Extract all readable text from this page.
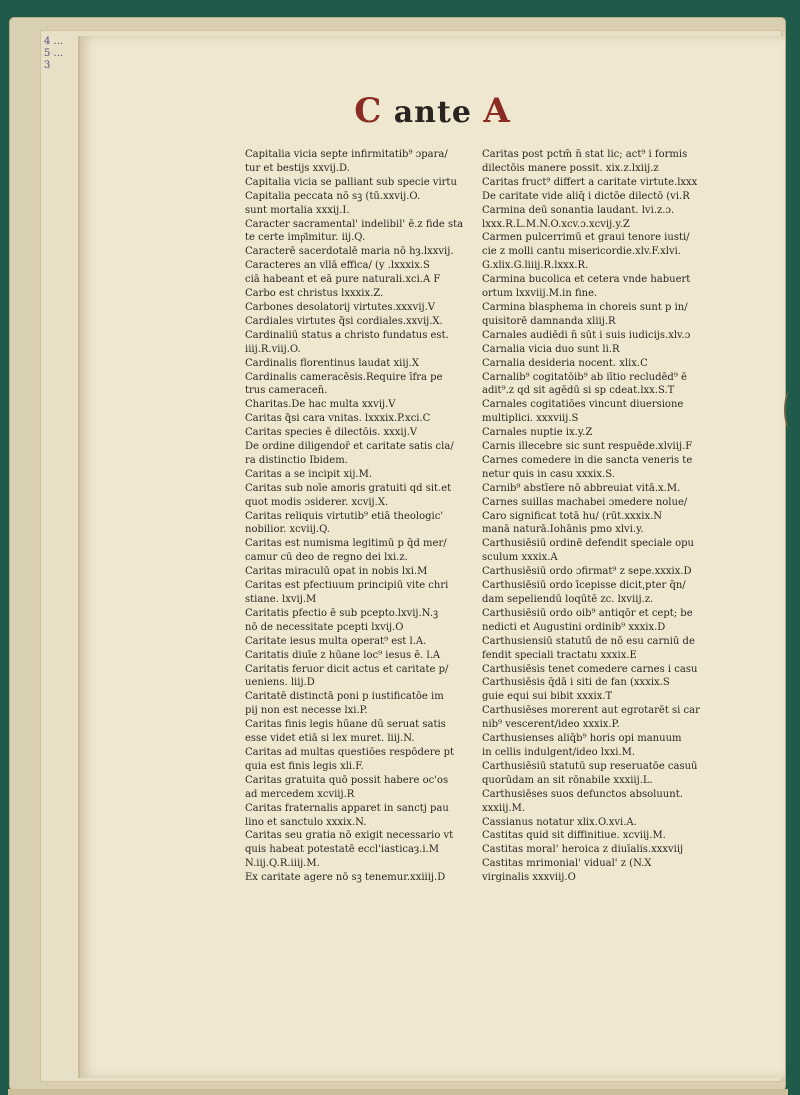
4 ... 5 ... 3
C ante A
Capitalia vicia septe infirmitatib⁹ ɔpara/
tur et bestijs xxvij.D.
Capitalia vicia se palliant sub specie virtu
Capitalia peccata nō sꝫ (tū.xxvij.O.
sunt mortalia xxxij.I.
Caracter sacramental' indelibil' ē.z fide sta
te certe imp͂imitur. iij.Q.
Caracterē sacerdotalē maria nō hȝ.lxxvij.
Caracteres an vllā effica/ (y .lxxxix.S
ciā habeant et eā pure naturali.xci.A F
Carbo est christus lxxxix.Z.
Carbones desolatorij virtutes.xxxvij.V
Cardiales virtutes q̃si cordiales.xxvij.X.
Cardinaliū status a christo fundatus est.
iiij.R.viij.O.
Cardinalis florentinus laudat xiij.X
Cardinalis cameracēsis.Require īfra pe
trus cameracen̄.
Charitas.De hac multa xxvij.V
Caritas q̃si cara vnitas. lxxxix.P.xci.C
Caritas species ē dilectōis. xxxij.V
De ordine diligendor̄ et caritate satis cla/
ra distinctio Ibidem.
Caritas a se incipit xij.M.
Caritas sub noīe amoris gratuiti qd sit.et
quot modis ɔsiderer. xcvij.X.
Caritas reliquis virtutib⁹ etiā theologic'
nobilior. xcviij.Q.
Caritas est numisma legitimū p q̄d mer/
camur cū deo de regno dei lxi.z.
Caritas miraculū opat in nobis lxi.M
Caritas est pfectiuum principiū vite chri
stiane. lxvij.M
Caritatis pfectio ē sub pcepto.lxvij.N.ꝫ
nō de necessitate pcepti lxvij.O
Caritate iesus multa operat⁹ est l.A.
Caritatis diuīe z hūane loc⁹ iesus ē. l.A
Caritatis feruor dicit actus et caritate p/
ueniens. liij.D
Caritatē distinctā poni p iustificatōe im
pij non est necesse lxi.P.
Caritas finis legis hūane dū seruat satis
esse videt etiā si lex muret. liij.N.
Caritas ad multas questiōes respōdere pt
quia est finis legis xli.F.
Caritas gratuita quō possit habere oc'os
ad mercedem xcviij.R
Caritas fraternalis apparet in sanctj pau
lino et sanctulo xxxix.N.
Caritas seu gratia nō exigit necessario vt
quis habeat potestatē eccl'iasticaȝ.i.M
N.iij.Q.R.iiij.M.
Ex caritate agere nō sꝫ tenemur.xxiiij.D
Caritas post pctm̄ n̄ stat lic; act⁹ i formis
dilectōis manere possit. xix.z.lxiij.z
Caritas fruct⁹ differt a caritate virtute.lxxx
De caritate vide aliq̄ i dictōe dilectō (vi.R
Carmina deū sonantia laudant. lvi.z.ɔ.
lxxx.R.L.M.N.O.xcv.ɔ.xcvij.y.Z
Carmen pulcerrimū et graui tenore iusti/
cie z molli cantu misericordie.xlv.F.xlvi.
G.xlix.G.liiij.R.lxxx.R.
Carmina bucolica et cetera vnde habuert
ortum lxxviij.M.in fine.
Carmina blasphema in choreis sunt p in/
quisitorē damnanda xliij.R
Carnales audiēdi n̄ sūt i suis iudicijs.xlv.ɔ
Carnalia vicia duo sunt li.R
Carnalia desideria nocent. xlix.C
Carnalib⁹ cogitatōib⁹ ab iītio recludēd⁹ ē
adit⁹.z qd sit agēdū si sp cdeat.lxx.S.T
Carnales cogitatiōes vincunt diuersione
multiplici. xxxviij.S
Carnales nuptie ix.y.Z
Carnis illecebre sic sunt respuēde.xlviij.F
Carnes comedere in die sancta veneris te
netur quis in casu xxxix.S.
Carnib⁹ abstīere nō abbreuiat vitā.x.M.
Carnes suillas machabei ɔmedere nolue/
Caro significat totā hu/ (rūt.xxxix.N
manā naturā.Iohānis pmo xlvi.y.
Carthusiēsiū ordinē defendit speciale opu
sculum xxxix.A
Carthusiēsiū ordo ɔfirmat⁹ z sepe.xxxix.D
Carthusiēsiū ordo īcepisse dicit,pter q̄n/
dam sepeliendū loqūtē zc. lxviij.z.
Carthusiēsiū ordo oib⁹ antiqōr et cept; be
nedicti et Augustini ordinib⁹ xxxix.D
Carthusiensiū statutū de nō esu carniū de
fendit speciali tractatu xxxix.E
Carthusiēsis tenet comedere carnes i casu
Carthusiēsis q̄dā i siti de fan (xxxix.S
guie equi sui bibit xxxix.T
Carthusiēses morerent aut egrotarēt si car
nib⁹ vescerent/ideo xxxix.P.
Carthusienses aliq̄b⁹ horis opi manuum
in cellis indulgent/ideo lxxi.M.
Carthusiēsiū statutū sup reseruatōe casuū
quorūdam an sit rōnabile xxxiij.L.
Carthusiēses suos defunctos absoluunt.
xxxiij.M.
Cassianus notatur xlix.O.xvi.A.
Castitas quid sit diffinitiue. xcviij.M.
Castitas moral' heroica z diuīalis.xxxviij
Castitas mrimonial' vidual' z (N.X
virginalis xxxviij.O
